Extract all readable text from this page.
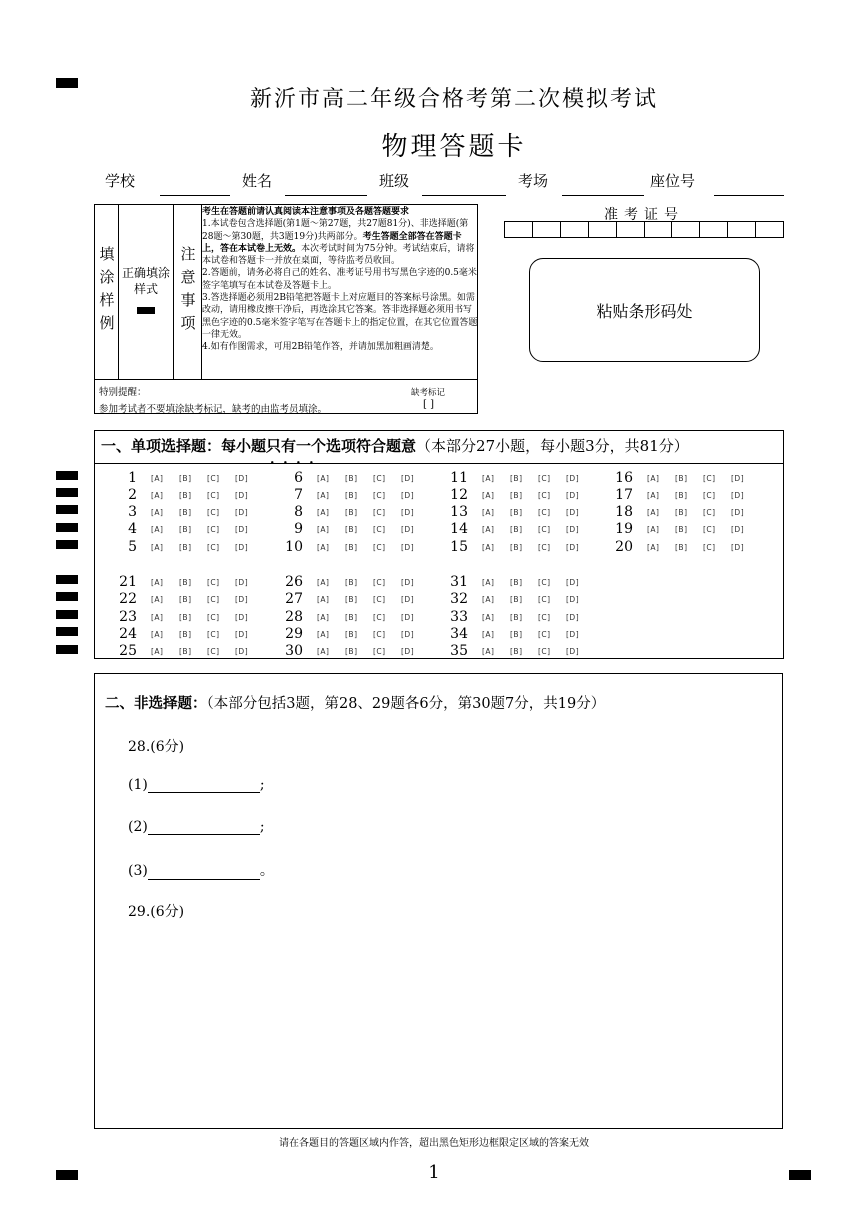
新沂市高二年级合格考第二次模拟考试
物理答题卡
学校	姓名	班级	考场	座位号
填涂样例
正确填涂样式
注意事项
考生在答题前请认真阅读本注意事项及各题答题要求
1.本试卷包含选择题(第1题～第27题，共27题81分)、非选择题(第28题～第30题，共3题19分)共两部分。考生答题全部答在答题卡上，答在本试卷上无效。本次考试时间为75分钟。考试结束后，请将本试卷和答题卡一并放在桌面，等待监考员收回。
2.答题前，请务必将自己的姓名、准考证号用书写黑色字迹的0.5毫米签字笔填写在本试卷及答题卡上。
3.答选择题必须用2B铅笔把答题卡上对应题目的答案标号涂黑。如需改动，请用橡皮擦干净后，再选涂其它答案。答非选择题必须用书写黑色字迹的0.5毫米签字笔写在答题卡上的指定位置，在其它位置答题一律无效。
4.如有作图需求，可用2B铅笔作答，并请加黑加粗画清楚。
特别提醒：	缺考标记
[ ]
参加考试者不要填涂缺考标记，缺考的由监考员填涂。
准考证号
粘贴条形码处
一、单项选择题：每小题只有一个 · · · ·选项符合题意（本部分27小题，每小题3分，共81分）
1 [A] [B] [C] [D]
2 [A] [B] [C] [D]
3 [A] [B] [C] [D]
4 [A] [B] [C] [D]
5 [A] [B] [C] [D]
6 [A] [B] [C] [D]
7 [A] [B] [C] [D]
8 [A] [B] [C] [D]
9 [A] [B] [C] [D]
10 [A] [B] [C] [D]
11 [A] [B] [C] [D]
12 [A] [B] [C] [D]
13 [A] [B] [C] [D]
14 [A] [B] [C] [D]
15 [A] [B] [C] [D]
16 [A] [B] [C] [D]
17 [A] [B] [C] [D]
18 [A] [B] [C] [D]
19 [A] [B] [C] [D]
20 [A] [B] [C] [D]
21 [A] [B] [C] [D]
22 [A] [B] [C] [D]
23 [A] [B] [C] [D]
24 [A] [B] [C] [D]
25 [A] [B] [C] [D]
26 [A] [B] [C] [D]
27 [A] [B] [C] [D]
28 [A] [B] [C] [D]
29 [A] [B] [C] [D]
30 [A] [B] [C] [D]
31 [A] [B] [C] [D]
32 [A] [B] [C] [D]
33 [A] [B] [C] [D]
34 [A] [B] [C] [D]
35 [A] [B] [C] [D]
二、非选择题：（本部分包括3题，第28、29题各6分，第30题7分，共19分）
28.(6分)
(1)	;
(2)	;
(3)	。
29.(6分)
请在各题目的答题区域内作答，超出黑色矩形边框限定区域的答案无效
1
